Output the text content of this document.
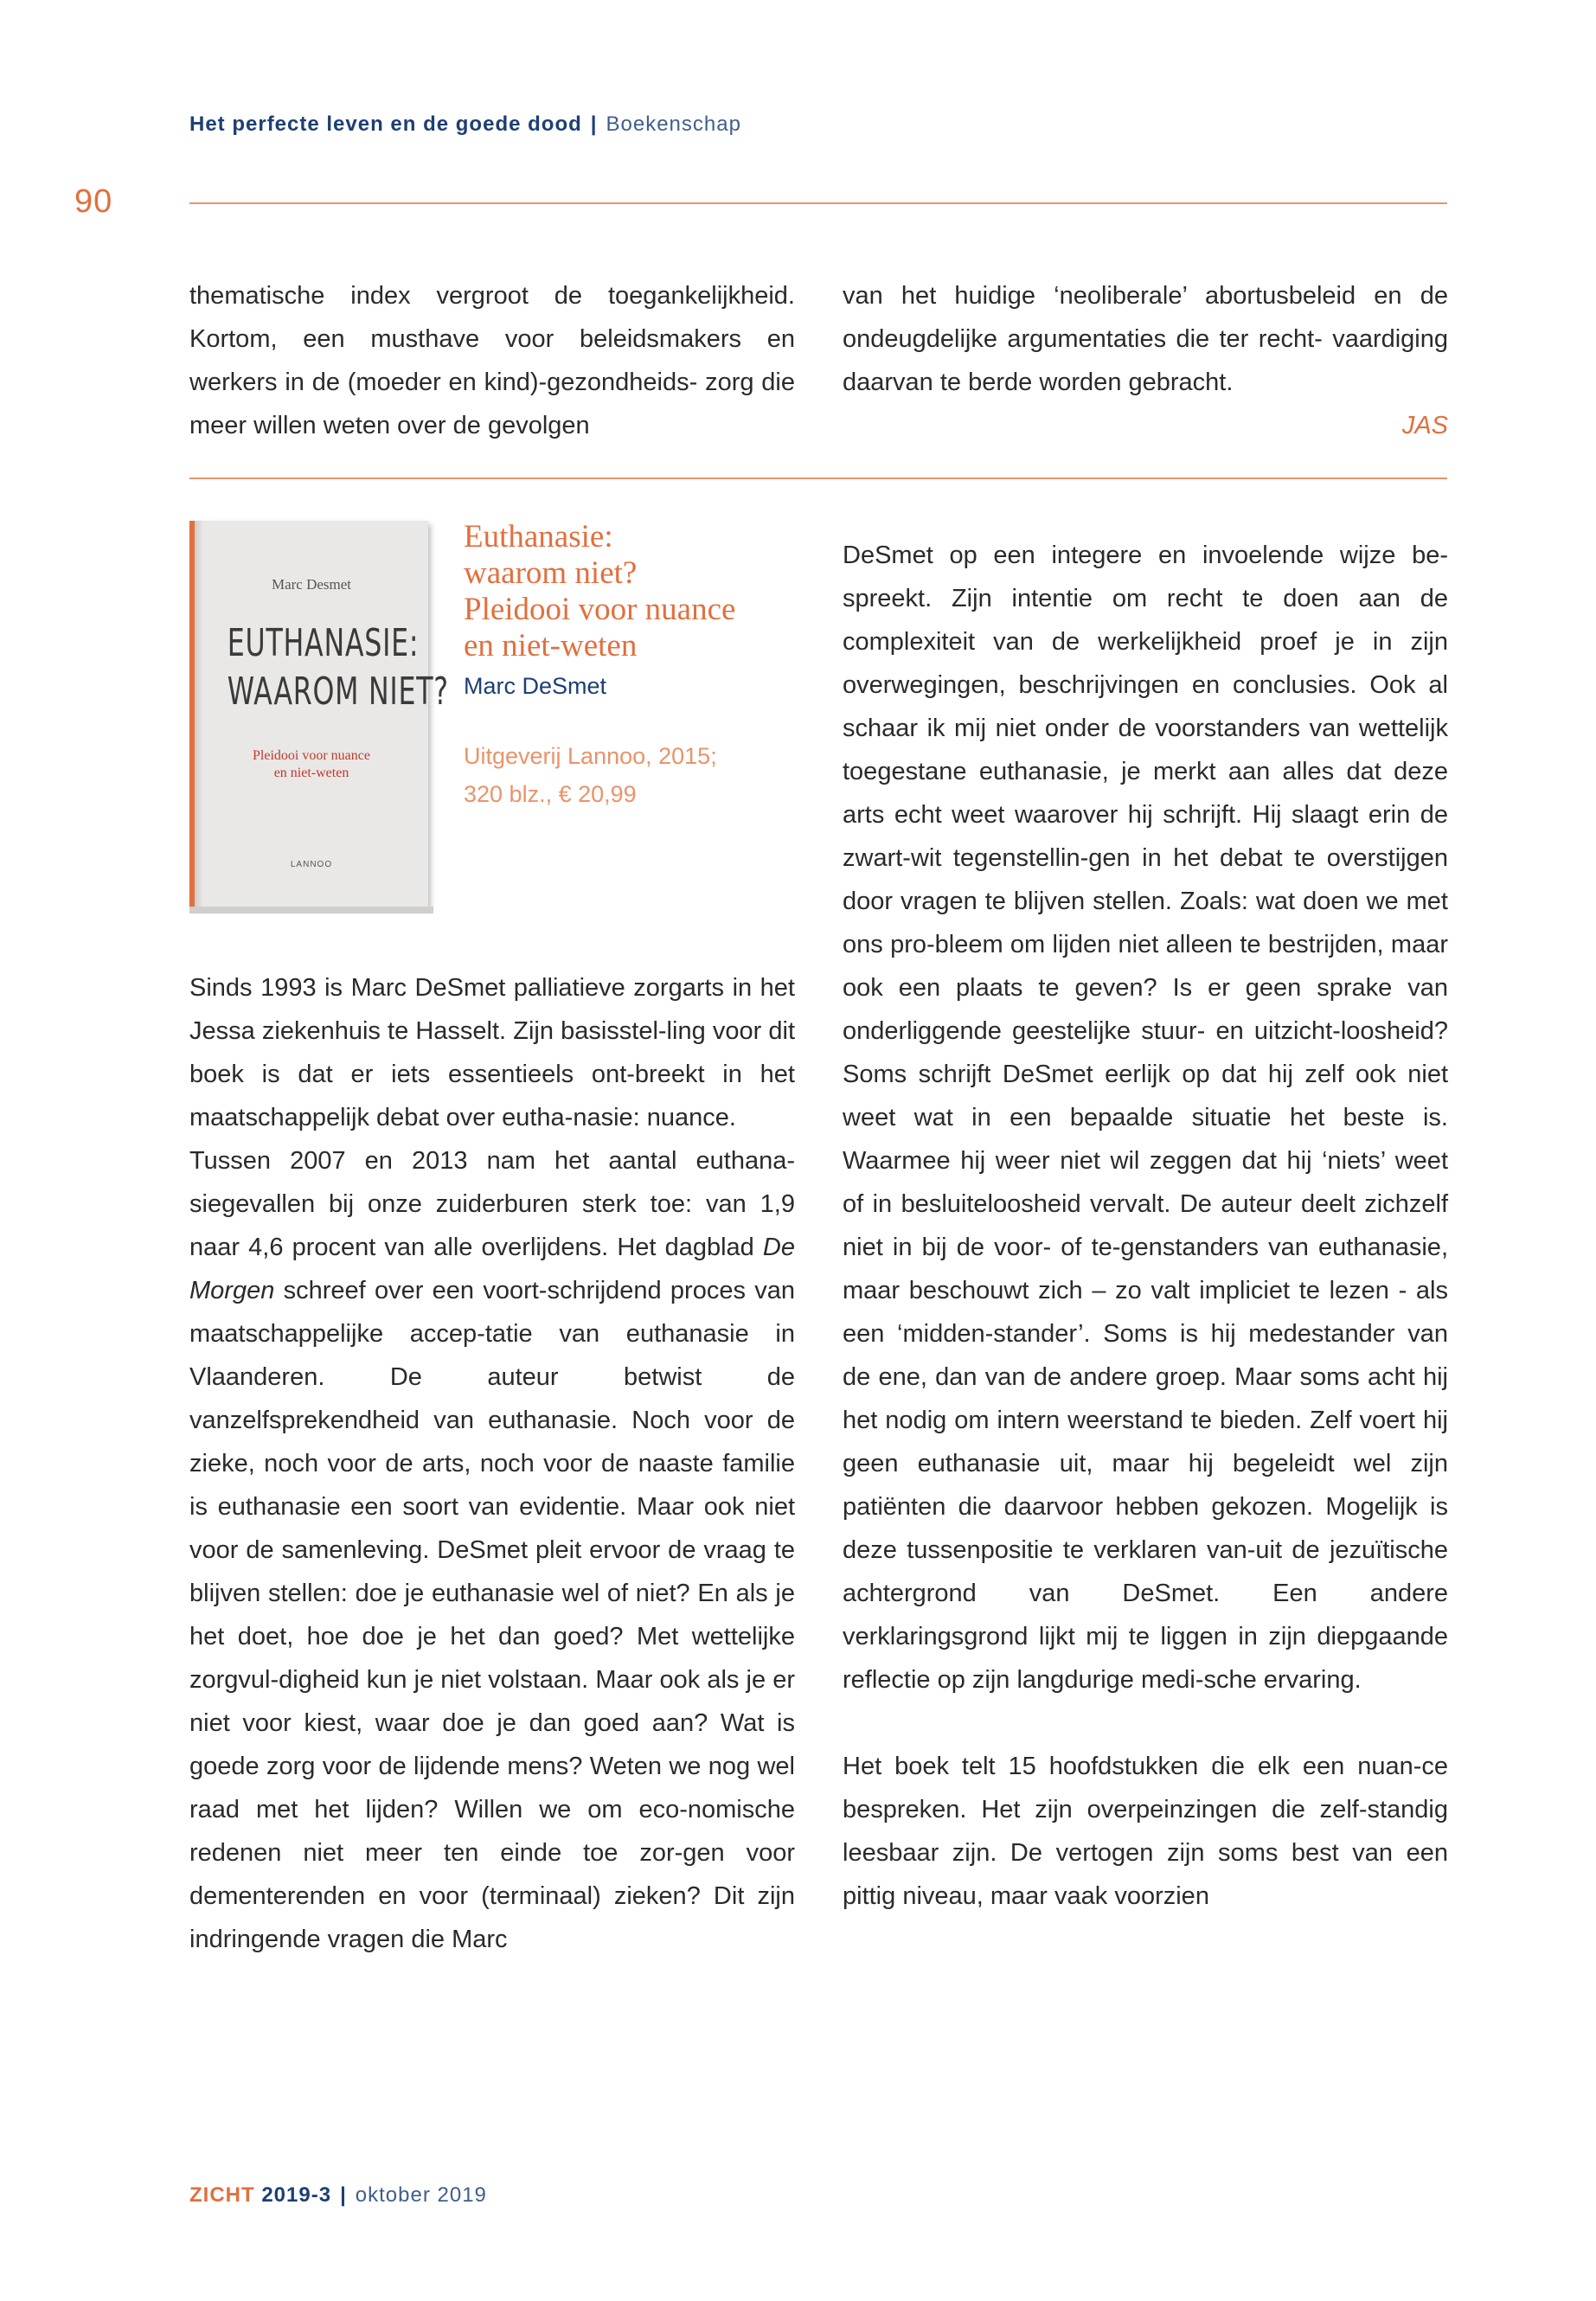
Het perfecte leven en de goede dood | Boekenschap
90

thematische index vergroot de toegankelijkheid. Kortom, een musthave voor beleidsmakers en werkers in de (moeder en kind)-gezondheids- zorg die meer willen weten over de gevolgen

van het huidige ‘neoliberale’ abortusbeleid en de ondeugdelijke argumentaties die ter recht- vaardiging daarvan te berde worden gebracht.

JAS
Marc Desmet
EUTHANASIE:
WAAROM NIET?
Pleidooi voor nuance
en niet-weten
LANNOO
Euthanasie:
waarom niet?
Pleidooi voor nuance
en niet-weten
Marc DeSmet
Uitgeverij Lannoo, 2015;
320 blz., € 20,99

Sinds 1993 is Marc DeSmet palliatieve zorgarts in het Jessa ziekenhuis te Hasselt. Zijn basisstel-ling voor dit boek is dat er iets essentieels ont-breekt in het maatschappelijk debat over eutha-nasie: nuance.

Tussen 2007 en 2013 nam het aantal euthana-siegevallen bij onze zuiderburen sterk toe: van 1,9 naar 4,6 procent van alle overlijdens. Het dagblad De Morgen schreef over een voort-schrijdend proces van maatschappelijke accep-tatie van euthanasie in Vlaanderen. De auteur betwist de vanzelfsprekendheid van euthanasie. Noch voor de zieke, noch voor de arts, noch voor de naaste familie is euthanasie een soort van evidentie. Maar ook niet voor de samenleving. DeSmet pleit ervoor de vraag te blijven stellen: doe je euthanasie wel of niet? En als je het doet, hoe doe je het dan goed? Met wettelijke zorgvul-digheid kun je niet volstaan. Maar ook als je er niet voor kiest, waar doe je dan goed aan? Wat is goede zorg voor de lijdende mens? Weten we nog wel raad met het lijden? Willen we om eco-nomische redenen niet meer ten einde toe zor-gen voor dementerenden en voor (terminaal) zieken? Dit zijn indringende vragen die Marc

DeSmet op een integere en invoelende wijze be-spreekt. Zijn intentie om recht te doen aan de complexiteit van de werkelijkheid proef je in zijn overwegingen, beschrijvingen en conclusies. Ook al schaar ik mij niet onder de voorstanders van wettelijk toegestane euthanasie, je merkt aan alles dat deze arts echt weet waarover hij schrijft. Hij slaagt erin de zwart-wit tegenstellin-gen in het debat te overstijgen door vragen te blijven stellen. Zoals: wat doen we met ons pro-bleem om lijden niet alleen te bestrijden, maar ook een plaats te geven? Is er geen sprake van onderliggende geestelijke stuur- en uitzicht-loosheid? Soms schrijft DeSmet eerlijk op dat hij zelf ook niet weet wat in een bepaalde situatie het beste is. Waarmee hij weer niet wil zeggen dat hij ‘niets’ weet of in besluiteloosheid vervalt. De auteur deelt zichzelf niet in bij de voor- of te-genstanders van euthanasie, maar beschouwt zich – zo valt impliciet te lezen - als een ‘midden-stander’. Soms is hij medestander van de ene, dan van de andere groep. Maar soms acht hij het nodig om intern weerstand te bieden. Zelf voert hij geen euthanasie uit, maar hij begeleidt wel zijn patiënten die daarvoor hebben gekozen. Mogelijk is deze tussenpositie te verklaren van-uit de jezuïtische achtergrond van DeSmet. Een andere verklaringsgrond lijkt mij te liggen in zijn diepgaande reflectie op zijn langdurige medi-sche ervaring.

Het boek telt 15 hoofdstukken die elk een nuan-ce bespreken. Het zijn overpeinzingen die zelf-standig leesbaar zijn. De vertogen zijn soms best van een pittig niveau, maar vaak voorzien

ZICHT 2019-3 | oktober 2019
